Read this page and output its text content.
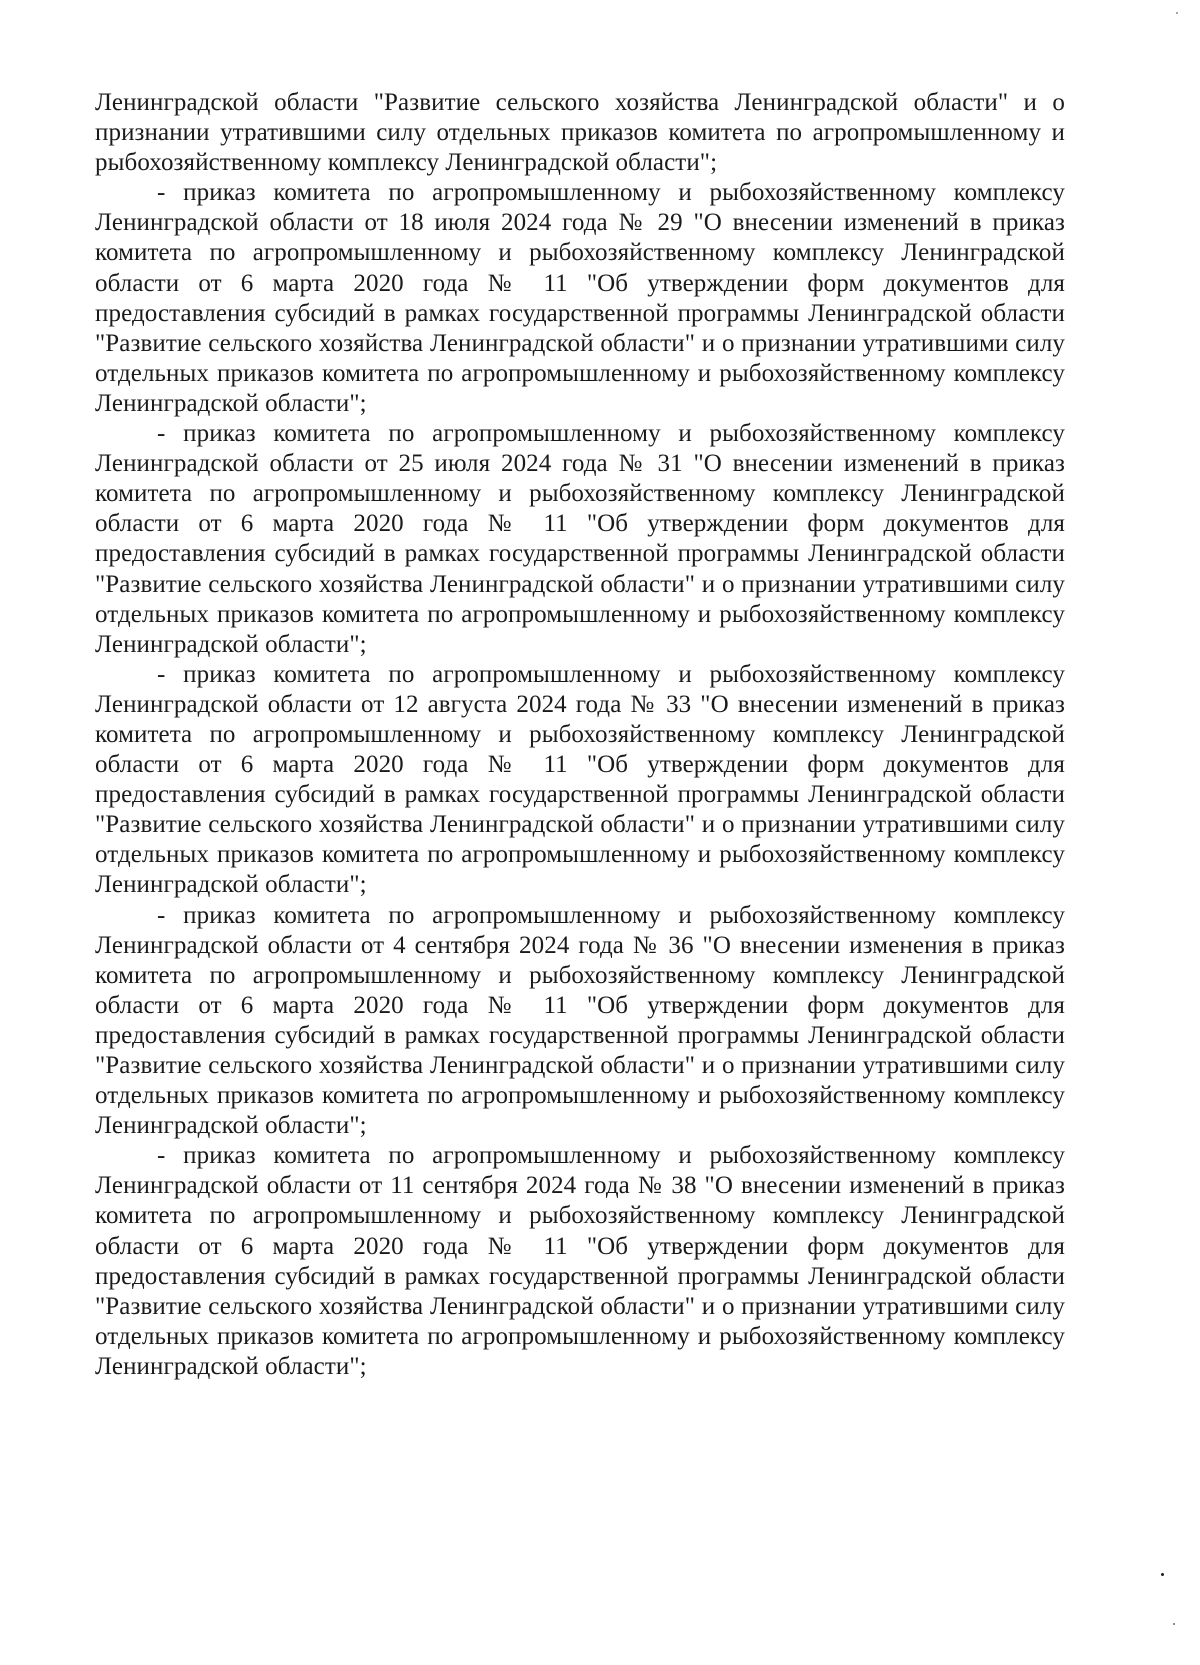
Ленинградской области "Развитие сельского хозяйства Ленинградской области" и о признании утратившими силу отдельных приказов комитета по агропромышленному и рыбохозяйственному комплексу Ленинградской области";

- приказ комитета по агропромышленному и рыбохозяйственному комплексу Ленинградской области от 18 июля 2024 года № 29 "О внесении изменений в приказ комитета по агропромышленному и рыбохозяйственному комплексу Ленинградской области от 6 марта 2020 года № 11 "Об утверждении форм документов для предоставления субсидий в рамках государственной программы Ленинградской области "Развитие сельского хозяйства Ленинградской области" и о признании утратившими силу отдельных приказов комитета по агропромышленному и рыбохозяйственному комплексу Ленинградской области";

- приказ комитета по агропромышленному и рыбохозяйственному комплексу Ленинградской области от 25 июля 2024 года № 31 "О внесении изменений в приказ комитета по агропромышленному и рыбохозяйственному комплексу Ленинградской области от 6 марта 2020 года № 11 "Об утверждении форм документов для предоставления субсидий в рамках государственной программы Ленинградской области "Развитие сельского хозяйства Ленинградской области" и о признании утратившими силу отдельных приказов комитета по агропромышленному и рыбохозяйственному комплексу Ленинградской области";

- приказ комитета по агропромышленному и рыбохозяйственному комплексу Ленинградской области от 12 августа 2024 года № 33 "О внесении изменений в приказ комитета по агропромышленному и рыбохозяйственному комплексу Ленинградской области от 6 марта 2020 года № 11 "Об утверждении форм документов для предоставления субсидий в рамках государственной программы Ленинградской области "Развитие сельского хозяйства Ленинградской области" и о признании утратившими силу отдельных приказов комитета по агропромышленному и рыбохозяйственному комплексу Ленинградской области";

- приказ комитета по агропромышленному и рыбохозяйственному комплексу Ленинградской области от 4 сентября 2024 года № 36 "О внесении изменения в приказ комитета по агропромышленному и рыбохозяйственному комплексу Ленинградской области от 6 марта 2020 года № 11 "Об утверждении форм документов для предоставления субсидий в рамках государственной программы Ленинградской области "Развитие сельского хозяйства Ленинградской области" и о признании утратившими силу отдельных приказов комитета по агропромышленному и рыбохозяйственному комплексу Ленинградской области";

- приказ комитета по агропромышленному и рыбохозяйственному комплексу Ленинградской области от 11 сентября 2024 года № 38 "О внесении изменений в приказ комитета по агропромышленному и рыбохозяйственному комплексу Ленинградской области от 6 марта 2020 года № 11 "Об утверждении форм документов для предоставления субсидий в рамках государственной программы Ленинградской области "Развитие сельского хозяйства Ленинградской области" и о признании утратившими силу отдельных приказов комитета по агропромышленному и рыбохозяйственному комплексу Ленинградской области";
